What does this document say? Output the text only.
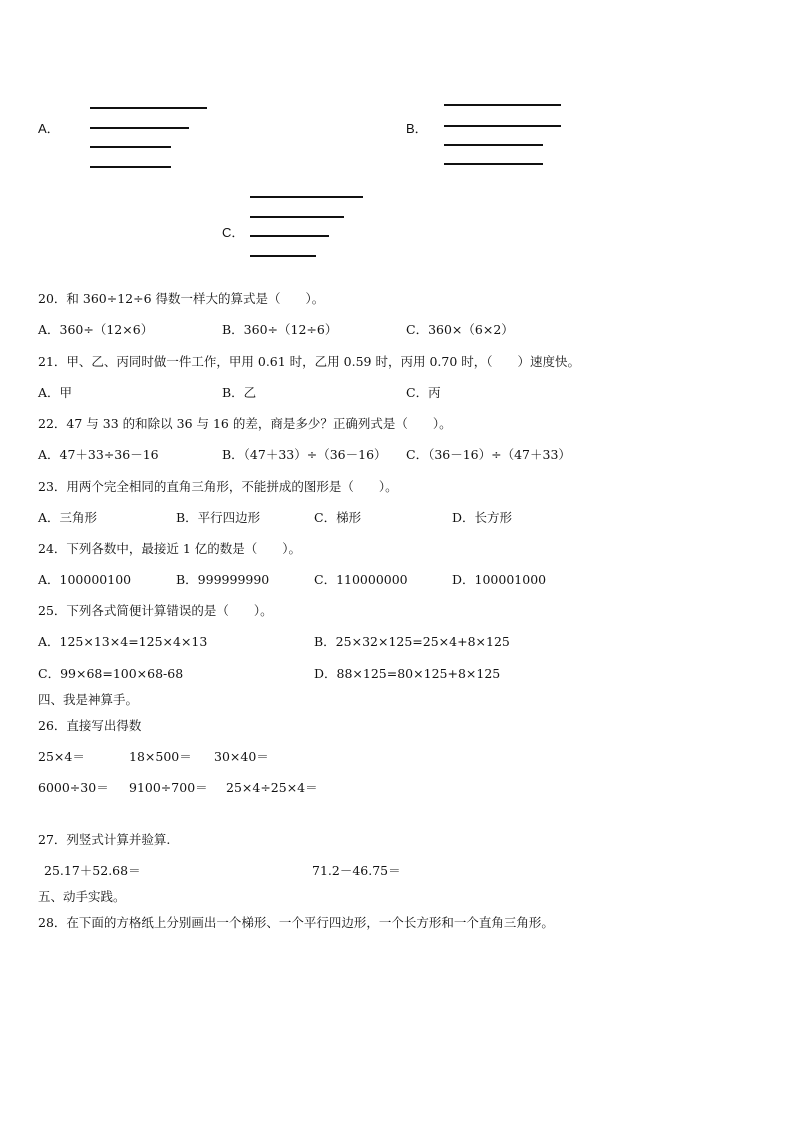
A．	B．
C．
20．和 360÷12÷6 得数一样大的算式是（　　）。
A．360÷（12×6）	B．360÷（12÷6）	C．360×（6×2）
21．甲、乙、丙同时做一件工作，甲用 0.61 时，乙用 0.59 时，丙用 0.70 时，（　　）速度快。
A．甲	B．乙	C．丙
22．47 与 33 的和除以 36 与 16 的差，商是多少？正确列式是（　　）。
A．47＋33÷36－16	B．（47＋33）÷（36－16） C．（36－16）÷（47＋33）
23．用两个完全相同的直角三角形，不能拼成的图形是（　　）。
A．三角形	B．平行四边形	C．梯形	D．长方形
24．下列各数中，最接近 1 亿的数是（　　）。
A．100000100	B．999999990	C．110000000	D．100001000
25．下列各式简便计算错误的是（　　）。
A．125×13×4=125×4×13	B．25×32×125=25×4+8×125
C．99×68=100×68-68	D．88×125=80×125+8×125
四、我是神算手。
26．直接写出得数
25×4＝	18×500＝ 30×40＝
6000÷30＝ 9100÷700＝ 25×4÷25×4＝
27．列竖式计算并验算.
25.17＋52.68＝	71.2－46.75＝
五、动手实践。
28．在下面的方格纸上分别画出一个梯形、一个平行四边形，一个长方形和一个直角三角形。
